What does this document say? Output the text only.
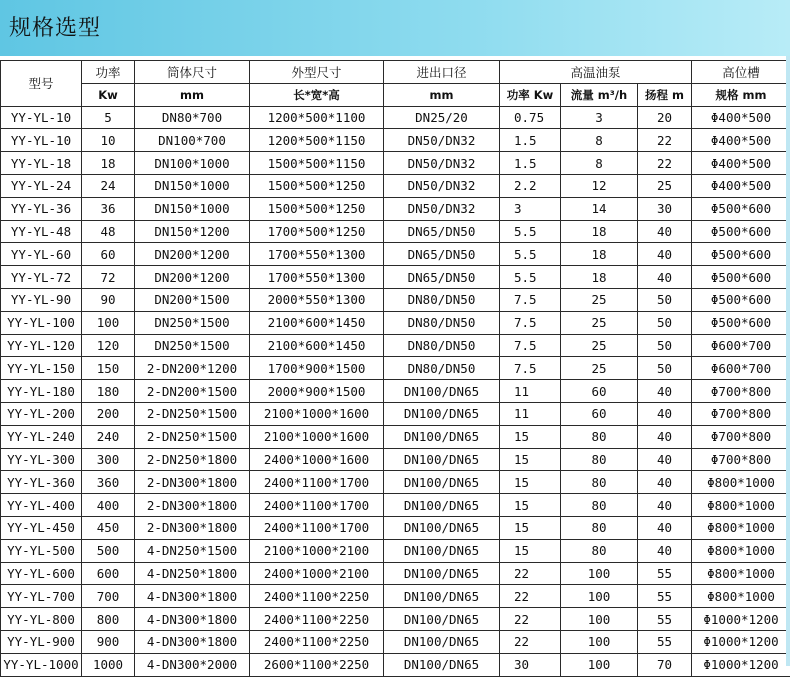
规格选型
型号	功率	筒体尺寸	外型尺寸	进出口径	高温油泵			高位槽
	Kw	mm	长*宽*高	mm	功率 Kw	流量 m³/h	扬程 m	规格 mm
YY-YL-10	5	DN80*700	1200*500*1100	DN25/20	0.75	3	20	Φ400*500
YY-YL-10	10	DN100*700	1200*500*1150	DN50/DN32	1.5	8	22	Φ400*500
YY-YL-18	18	DN100*1000	1500*500*1150	DN50/DN32	1.5	8	22	Φ400*500
YY-YL-24	24	DN150*1000	1500*500*1250	DN50/DN32	2.2	12	25	Φ400*500
YY-YL-36	36	DN150*1000	1500*500*1250	DN50/DN32	3	14	30	Φ500*600
YY-YL-48	48	DN150*1200	1700*500*1250	DN65/DN50	5.5	18	40	Φ500*600
YY-YL-60	60	DN200*1200	1700*550*1300	DN65/DN50	5.5	18	40	Φ500*600
YY-YL-72	72	DN200*1200	1700*550*1300	DN65/DN50	5.5	18	40	Φ500*600
YY-YL-90	90	DN200*1500	2000*550*1300	DN80/DN50	7.5	25	50	Φ500*600
YY-YL-100	100	DN250*1500	2100*600*1450	DN80/DN50	7.5	25	50	Φ500*600
YY-YL-120	120	DN250*1500	2100*600*1450	DN80/DN50	7.5	25	50	Φ600*700
YY-YL-150	150	2-DN200*1200	1700*900*1500	DN80/DN50	7.5	25	50	Φ600*700
YY-YL-180	180	2-DN200*1500	2000*900*1500	DN100/DN65	11	60	40	Φ700*800
YY-YL-200	200	2-DN250*1500	2100*1000*1600	DN100/DN65	11	60	40	Φ700*800
YY-YL-240	240	2-DN250*1500	2100*1000*1600	DN100/DN65	15	80	40	Φ700*800
YY-YL-300	300	2-DN250*1800	2400*1000*1600	DN100/DN65	15	80	40	Φ700*800
YY-YL-360	360	2-DN300*1800	2400*1100*1700	DN100/DN65	15	80	40	Φ800*1000
YY-YL-400	400	2-DN300*1800	2400*1100*1700	DN100/DN65	15	80	40	Φ800*1000
YY-YL-450	450	2-DN300*1800	2400*1100*1700	DN100/DN65	15	80	40	Φ800*1000
YY-YL-500	500	4-DN250*1500	2100*1000*2100	DN100/DN65	15	80	40	Φ800*1000
YY-YL-600	600	4-DN250*1800	2400*1000*2100	DN100/DN65	22	100	55	Φ800*1000
YY-YL-700	700	4-DN300*1800	2400*1100*2250	DN100/DN65	22	100	55	Φ800*1000
YY-YL-800	800	4-DN300*1800	2400*1100*2250	DN100/DN65	22	100	55	Φ1000*1200
YY-YL-900	900	4-DN300*1800	2400*1100*2250	DN100/DN65	22	100	55	Φ1000*1200
YY-YL-1000	1000	4-DN300*2000	2600*1100*2250	DN100/DN65	30	100	70	Φ1000*1200
